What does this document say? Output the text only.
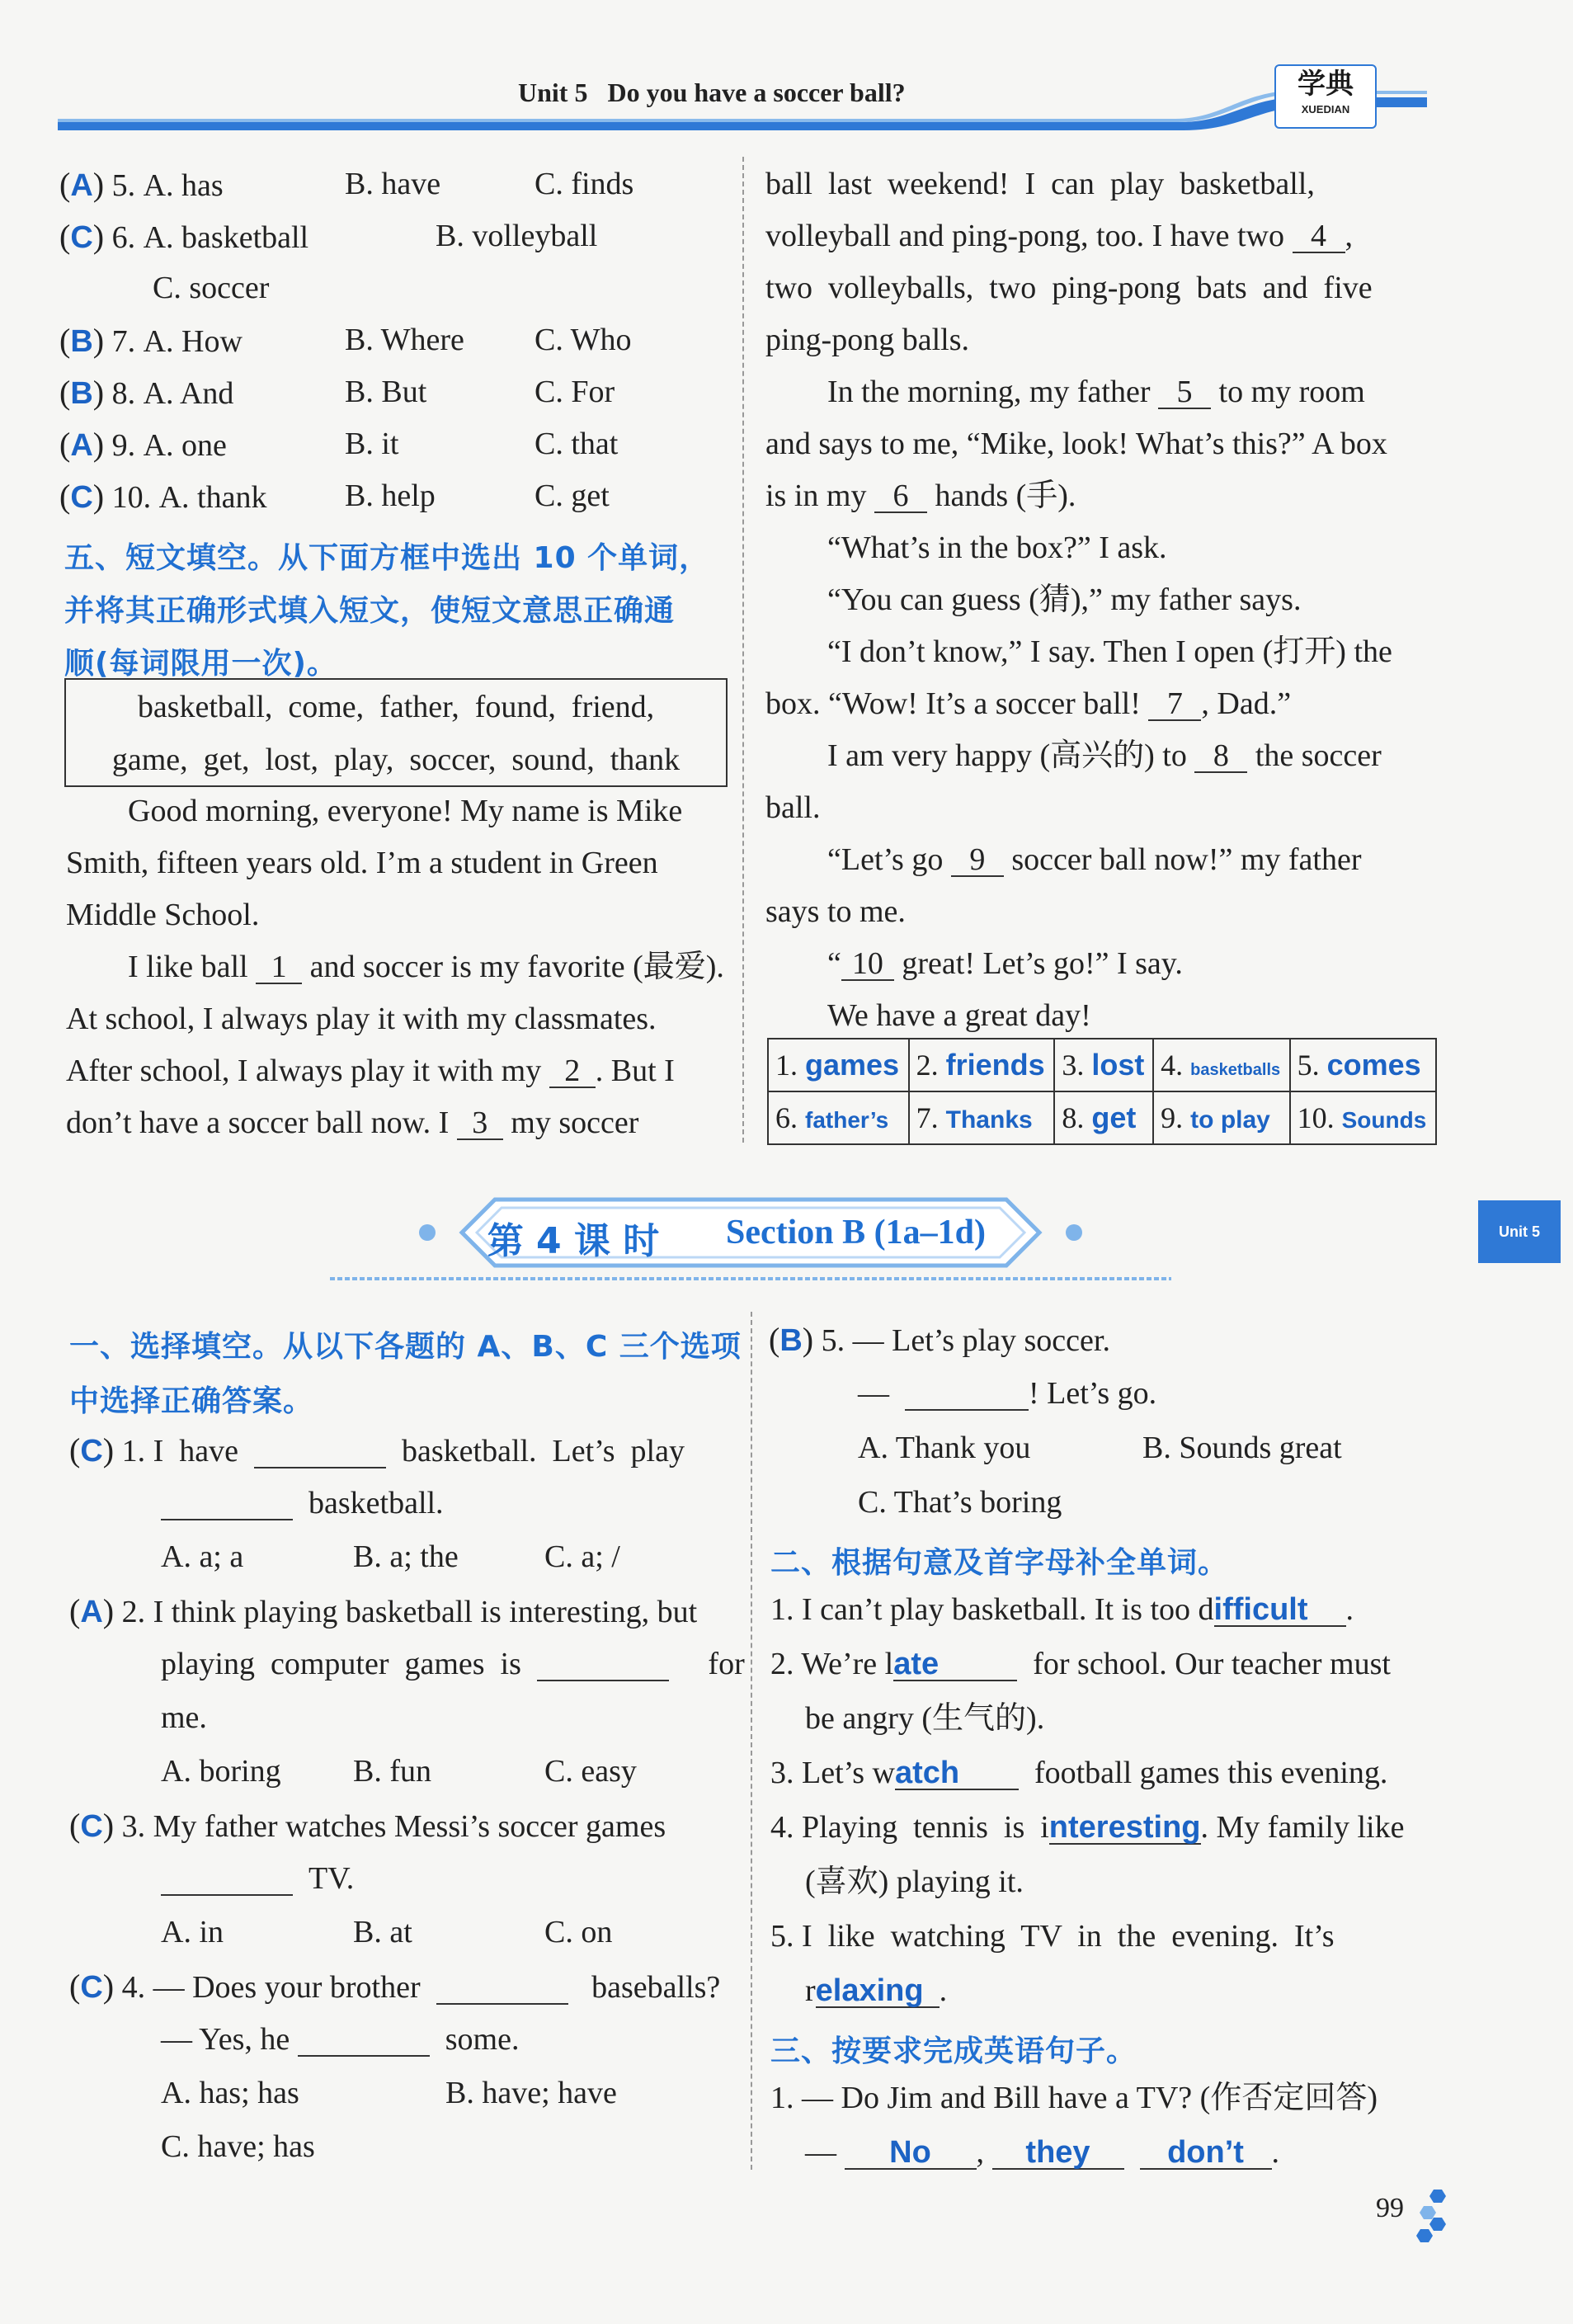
Unit 5   Do you have a soccer ball?	学典
XUEDIAN
Unit 5
(A) 5. A. has	B. have	C. finds
(C) 6. A. basketball	B. volleyball
C. soccer
(B) 7. A. How	B. Where C. Who
(B) 8. A. And	B. But	C. For
(A) 9. A. one	B. it	C. that
(C) 10. A. thank B. help	C. get
五、短文填空。从下面方框中选出 10 个单词，
并将其正确形式填入短文，使短文意思正确通
顺(每词限用一次)。
basketball,  come,  father,  found,  friend,
game,  get,  lost,  play,  soccer,  sound,  thank
Good morning, everyone! My name is Mike
Smith, fifteen years old. I’m a student in Green
Middle School.
I like ball 1 and soccer is my favorite (最爱).
At school, I always play it with my classmates.
After school, I always play it with my 2 . But I
don’t have a soccer ball now. I 3 my soccer
ball  last  weekend!  I  can  play  basketball,
volleyball and ping-pong, too. I have two 4 ,
two  volleyballs,  two  ping-pong  bats  and  five
ping-pong balls.
In the morning, my father 5 to my room
and says to me, “Mike, look! What’s this?” A box
is in my 6 hands (手).
“What’s in the box?” I ask.
“You can guess (猜),” my father says.
“I don’t know,” I say. Then I open (打开) the
box. “Wow! It’s a soccer ball! 7 , Dad.”
I am very happy (高兴的) to 8 the soccer
ball.
“Let’s go 9 soccer ball now!” my father
says to me.
“ 10 great! Let’s go!” I say.
We have a great day!
1. games	2. friends	3. lost	4. basketballs	5. comes
6. father’s	7. Thanks	8. get	9. to play	10. Sounds
第 4 课 时	Section B (1a–1d)
一、选择填空。从以下各题的 A、B、C 三个选项
中选择正确答案。
(C) 1. I  have	basketball.  Let’s  play
basketball.
A. a; a	B. a; the	C. a; /
(A) 2. I think playing basketball is interesting, but
playing  computer  games  is	for
me.
A. boring B. fun	C. easy
(C) 3. My father watches Messi’s soccer games
TV.
A. in	B. at	C. on
(C) 4. — Does your brother	baseballs?
— Yes, he	some.
A. has; has	B. have; have
C. have; has
(B) 5. — Let’s play soccer.
—	! Let’s go.
A. Thank you	B. Sounds great
C. That’s boring
二、根据句意及首字母补全单词。
1. I can’t play basketball. It is too difficult .
2. We’re late	for school. Our teacher must
be angry (生气的).
3. Let’s watch football games this evening.
4. Playing  tennis  is  interesting. My family like
(喜欢) playing it.
5. I  like  watching  TV  in  the  evening.  It’s
relaxing .
三、按要求完成英语句子。
1. — Do Jim and Bill have a TV? (作否定回答)
— No , they don’t .
99
